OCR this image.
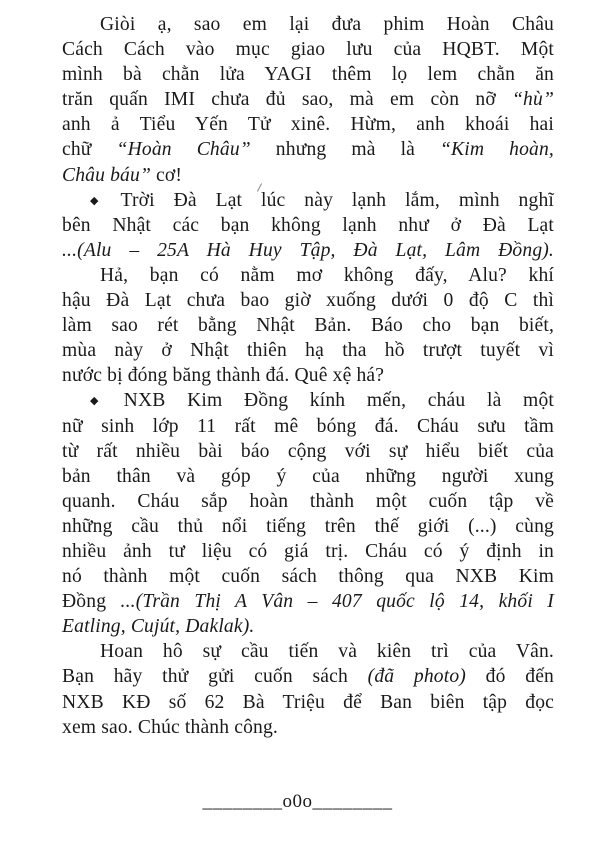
Giòi ạ, sao em lại đưa phim Hoàn Châu
Cách Cách vào mục giao lưu của HQBT. Một
mình bà chằn lửa YAGI thêm lọ lem chằn ăn
trăn quấn IMI chưa đủ sao, mà em còn nỡ “hù”
anh ả Tiểu Yến Tử xinê. Hừm, anh khoái hai
chữ “Hoàn Châu” nhưng mà là “Kim hoàn,
Châu báu” cơ!
◆ Trời Đà Lạt lúc này lạnh lắm, mình nghĩ
bên Nhật các bạn không lạnh như ở Đà Lạt
...(Alu – 25A Hà Huy Tập, Đà Lạt, Lâm Đồng).
Hả, bạn có nằm mơ không đấy, Alu? khí
hậu Đà Lạt chưa bao giờ xuống dưới 0 độ C thì
làm sao rét bằng Nhật Bản. Báo cho bạn biết,
mùa này ở Nhật thiên hạ tha hồ trượt tuyết vì
nước bị đóng băng thành đá. Quê xệ há?
◆ NXB Kim Đồng kính mến, cháu là một
nữ sinh lớp 11 rất mê bóng đá. Cháu sưu tầm
từ rất nhiều bài báo cộng với sự hiểu biết của
bản thân và góp ý của những người xung
quanh. Cháu sắp hoàn thành một cuốn tập về
những cầu thủ nổi tiếng trên thế giới (...) cùng
nhiều ảnh tư liệu có giá trị. Cháu có ý định in
nó thành một cuốn sách thông qua NXB Kim
Đồng ...(Trần Thị A Vân – 407 quốc lộ 14, khối I
Eatling, Cujút, Daklak).
Hoan hô sự cầu tiến và kiên trì của Vân.
Bạn hãy thử gửi cuốn sách (đã photo) đó đến
NXB KĐ số 62 Bà Triệu để Ban biên tập đọc
xem sao. Chúc thành công.
________o0o________
